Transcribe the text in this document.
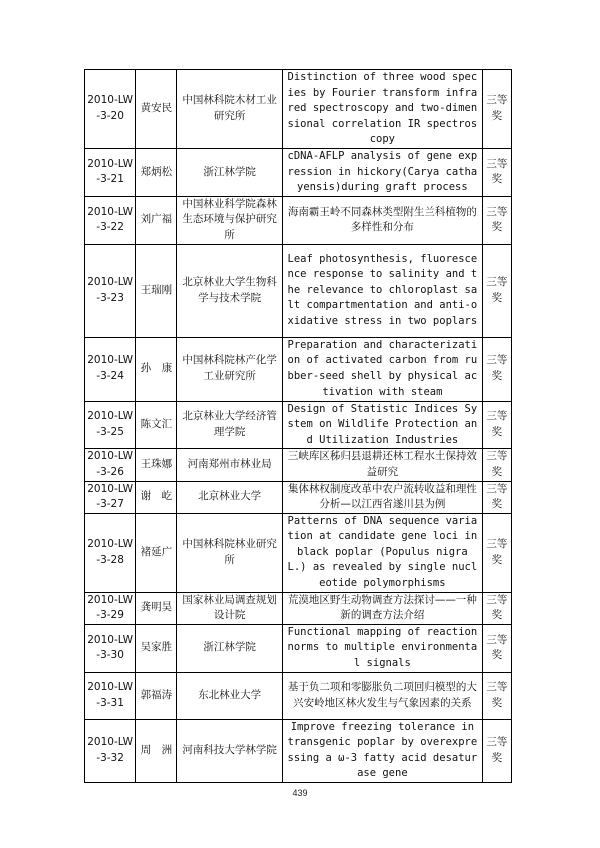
2010-LW-3-20	黄安民	中国林科院木材工业研究所	Distinction of three wood species by Fourier transform infrared spectroscopy and two-dimensional correlation IR spectroscopy	三等奖
2010-LW-3-21	郑炳松	浙江林学院	cDNA-AFLP analysis of gene expression in hickory(Carya cathayensis)during graft process	三等奖
2010-LW-3-22	刘广福	中国林业科学院森林生态环境与保护研究所	海南霸王岭不同森林类型附生兰科植物的多样性和分布	三等奖
2010-LW-3-23	王瑞刚	北京林业大学生物科学与技术学院	Leaf photosynthesis, fluorescence response to salinity and the relevance to chloroplast salt compartmentation and anti-oxidative stress in two poplars	三等奖
2010-LW-3-24	孙　康	中国林科院林产化学工业研究所	Preparation and characterization of activated carbon from rubber-seed shell by physical activation with steam	三等奖
2010-LW-3-25	陈文汇	北京林业大学经济管理学院	Design of Statistic Indices System on Wildlife Protection and Utilization Industries	三等奖
2010-LW-3-26	王珠娜	河南郑州市林业局	三峡库区秭归县退耕还林工程水土保持效益研究	三等奖
2010-LW-3-27	谢　屹	北京林业大学	集体林权制度改革中农户流转收益和理性分析—以江西省遂川县为例	三等奖
2010-LW-3-28	褚延广	中国林科院林业研究所	Patterns of DNA sequence variation at candidate gene loci in black poplar (Populus nigra L.) as revealed by single nucleotide polymorphisms	三等奖
2010-LW-3-29	龚明昊	国家林业局调查规划设计院	荒漠地区野生动物调查方法探讨——一种新的调查方法介绍	三等奖
2010-LW-3-30	吴家胜	浙江林学院	Functional mapping of reaction norms to multiple environmental signals	三等奖
2010-LW-3-31	郭福涛	东北林业大学	基于负二项和零膨胀负二项回归模型的大兴安岭地区林火发生与气象因素的关系	三等奖
2010-LW-3-32	周　洲	河南科技大学林学院	Improve freezing tolerance in transgenic poplar by overexpressing a ω-3 fatty acid desaturase gene	三等奖
439
